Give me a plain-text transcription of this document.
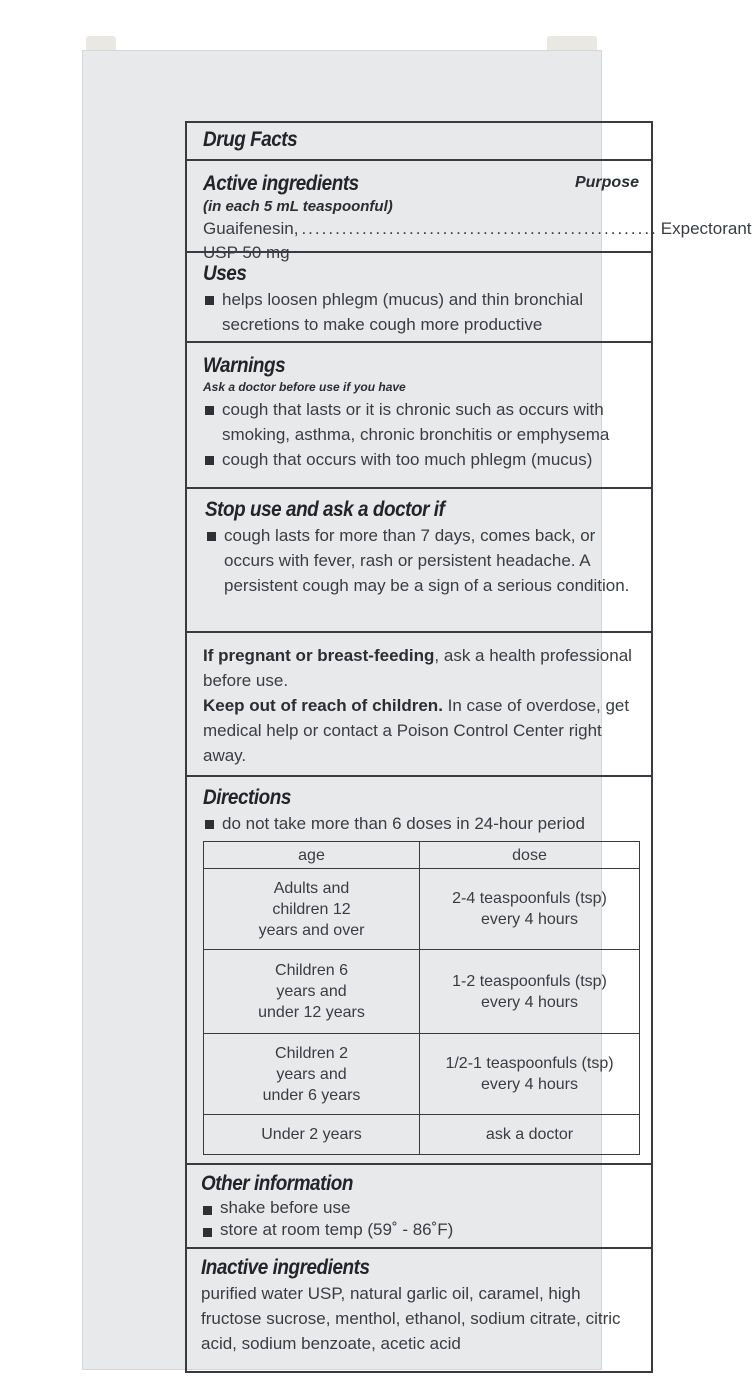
Drug Facts
Active ingredients	Purpose
(in each 5 mL teaspoonful)
Guaifenesin, USP 50 mg
..................................................... Expectorant
Uses
helps loosen phlegm (mucus) and thin bronchial secretions to make cough more productive
Warnings
Ask a doctor before use if you have
cough that lasts or it is chronic such as occurs with smoking, asthma, chronic bronchitis or emphysema
cough that occurs with too much phlegm (mucus)
Stop use and ask a doctor if
cough lasts for more than 7 days, comes back, or occurs with fever, rash or persistent headache. A persistent cough may be a sign of a serious condition.
If pregnant or breast-feeding, ask a health professional before use.
Keep out of reach of children. In case of overdose, get medical help or contact a Poison Control Center right away.
Directions
do not take more than 6 doses in 24-hour period
age	dose
Adults and children 12 years and over	2-4 teaspoonfuls (tsp) every 4 hours
Children 6 years and under 12 years	1-2 teaspoonfuls (tsp) every 4 hours
Children 2 years and under 6 years	1/2-1 teaspoonfuls (tsp) every 4 hours
Under 2 years	ask a doctor
Other information
shake before use
store at room temp (59˚ - 86˚F)
Inactive ingredients
purified water USP, natural garlic oil, caramel, high fructose sucrose, menthol, ethanol, sodium citrate, citric acid, sodium benzoate, acetic acid
